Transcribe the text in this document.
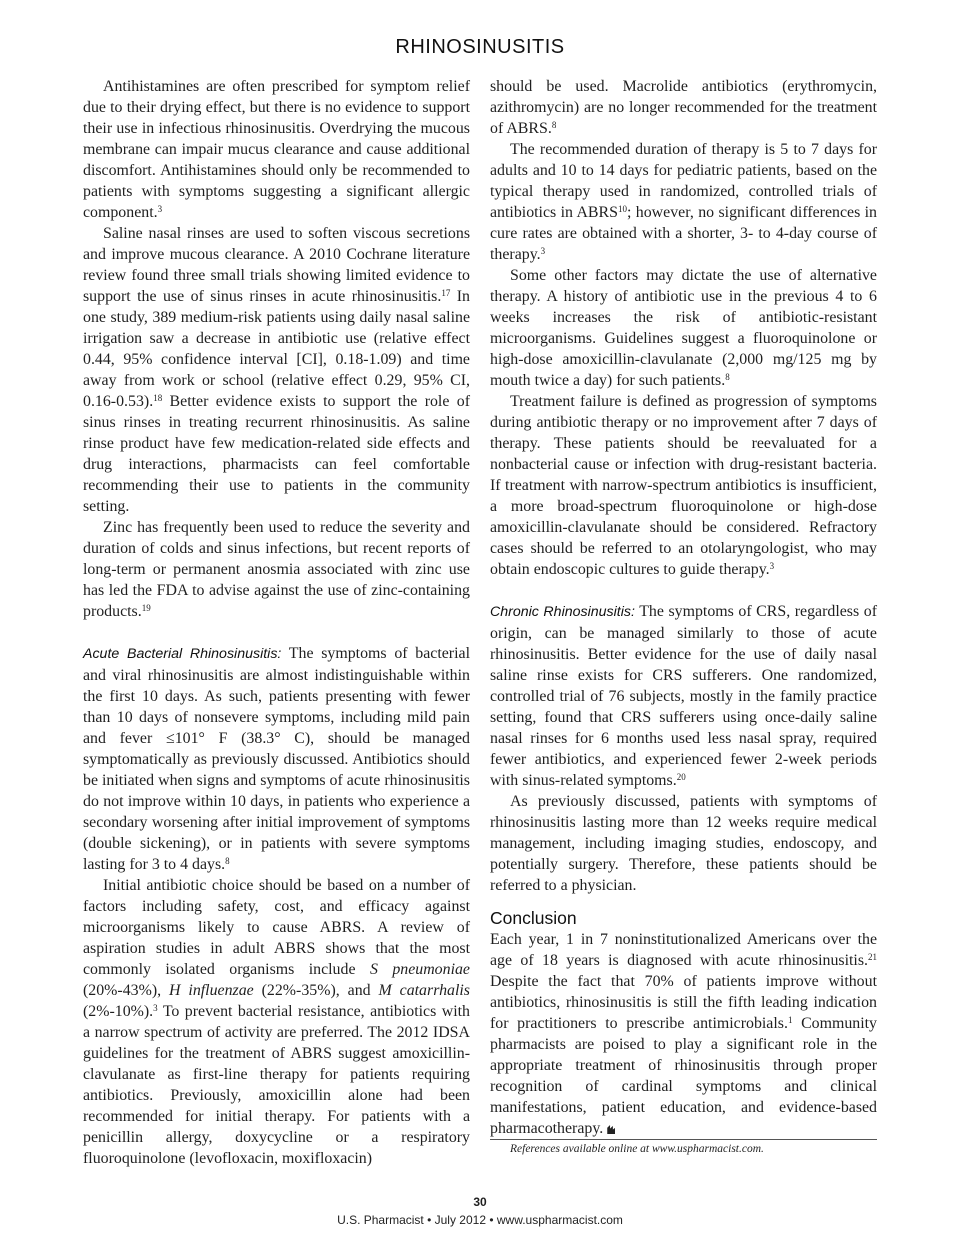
RHINOSINUSITIS

Antihistamines are often prescribed for symptom relief due to their drying effect, but there is no evidence to support their use in infectious rhinosinusitis. Overdrying the mucous membrane can impair mucus clearance and cause additional discomfort. Antihistamines should only be recommended to patients with symptoms suggesting a significant allergic component.$^3$

Saline nasal rinses are used to soften viscous secretions and improve mucous clearance. A 2010 Cochrane literature review found three small trials showing limited evidence to support the use of sinus rinses in acute rhinosinusitis.$^{17}$ In one study, 389 medium-risk patients using daily nasal saline irrigation saw a decrease in antibiotic use (relative effect 0.44, 95% confidence interval [CI], 0.18-1.09) and time away from work or school (relative effect 0.29, 95% CI, 0.16-0.53).$^{18}$ Better evidence exists to support the role of sinus rinses in treating recurrent rhinosinusitis. As saline rinse product have few medication-related side effects and drug interactions, pharmacists can feel comfortable recommending their use to patients in the community setting.

Zinc has frequently been used to reduce the severity and duration of colds and sinus infections, but recent reports of long-term or permanent anosmia associated with zinc use has led the FDA to advise against the use of zinc-containing products.$^{19}$

Acute Bacterial Rhinosinusitis: The symptoms of bacterial and viral rhinosinusitis are almost indistinguishable within the first 10 days. As such, patients presenting with fewer than 10 days of nonsevere symptoms, including mild pain and fever ≤101° F (38.3° C), should be managed symptomatically as previously discussed. Antibiotics should be initiated when signs and symptoms of acute rhinosinusitis do not improve within 10 days, in patients who experience a secondary worsening after initial improvement of symptoms (double sickening), or in patients with severe symptoms lasting for 3 to 4 days.$^8$

Initial antibiotic choice should be based on a number of factors including safety, cost, and efficacy against microorganisms likely to cause ABRS. A review of aspiration studies in adult ABRS shows that the most commonly isolated organisms include S pneumoniae (20%-43%), H influenzae (22%-35%), and M catarrhalis (2%-10%).$^3$ To prevent bacterial resistance, antibiotics with a narrow spectrum of activity are preferred. The 2012 IDSA guidelines for the treatment of ABRS suggest amoxicillin-clavulanate as first-line therapy for patients requiring antibiotics. Previously, amoxicillin alone had been recommended for initial therapy. For patients with a penicillin allergy, doxycycline or a respiratory fluoroquinolone (levofloxacin, moxifloxacin)

should be used. Macrolide antibiotics (erythromycin, azithromycin) are no longer recommended for the treatment of ABRS.$^8$

The recommended duration of therapy is 5 to 7 days for adults and 10 to 14 days for pediatric patients, based on the typical therapy used in randomized, controlled trials of antibiotics in ABRS$^{10}$; however, no significant differences in cure rates are obtained with a shorter, 3- to 4-day course of therapy.$^3$

Some other factors may dictate the use of alternative therapy. A history of antibiotic use in the previous 4 to 6 weeks increases the risk of antibiotic-resistant microorganisms. Guidelines suggest a fluoroquinolone or high-dose amoxicillin-clavulanate (2,000 mg/125 mg by mouth twice a day) for such patients.$^8$

Treatment failure is defined as progression of symptoms during antibiotic therapy or no improvement after 7 days of therapy. These patients should be reevaluated for a nonbacterial cause or infection with drug-resistant bacteria. If treatment with narrow-spectrum antibiotics is insufficient, a more broad-spectrum fluoroquinolone or high-dose amoxicillin-clavulanate should be considered. Refractory cases should be referred to an otolaryngologist, who may obtain endoscopic cultures to guide therapy.$^3$

Chronic Rhinosinusitis: The symptoms of CRS, regardless of origin, can be managed similarly to those of acute rhinosinusitis. Better evidence for the use of daily nasal saline rinse exists for CRS sufferers. One randomized, controlled trial of 76 subjects, mostly in the family practice setting, found that CRS sufferers using once-daily saline nasal rinses for 6 months used less nasal spray, required fewer antibiotics, and experienced fewer 2-week periods with sinus-related symptoms.$^{20}$

As previously discussed, patients with symptoms of rhinosinusitis lasting more than 12 weeks require medical management, including imaging studies, endoscopy, and potentially surgery. Therefore, these patients should be referred to a physician.

Conclusion

Each year, 1 in 7 noninstitutionalized Americans over the age of 18 years is diagnosed with acute rhinosinusitis.$^{21}$ Despite the fact that 70% of patients improve without antibiotics, rhinosinusitis is still the fifth leading indication for practitioners to prescribe antimicrobials.$^1$ Community pharmacists are poised to play a significant role in the appropriate treatment of rhinosinusitis through proper recognition of cardinal symptoms and clinical manifestations, patient education, and evidence-based pharmacotherapy.

References available online at www.uspharmacist.com.

30
U.S. Pharmacist • July 2012 • www.uspharmacist.com
